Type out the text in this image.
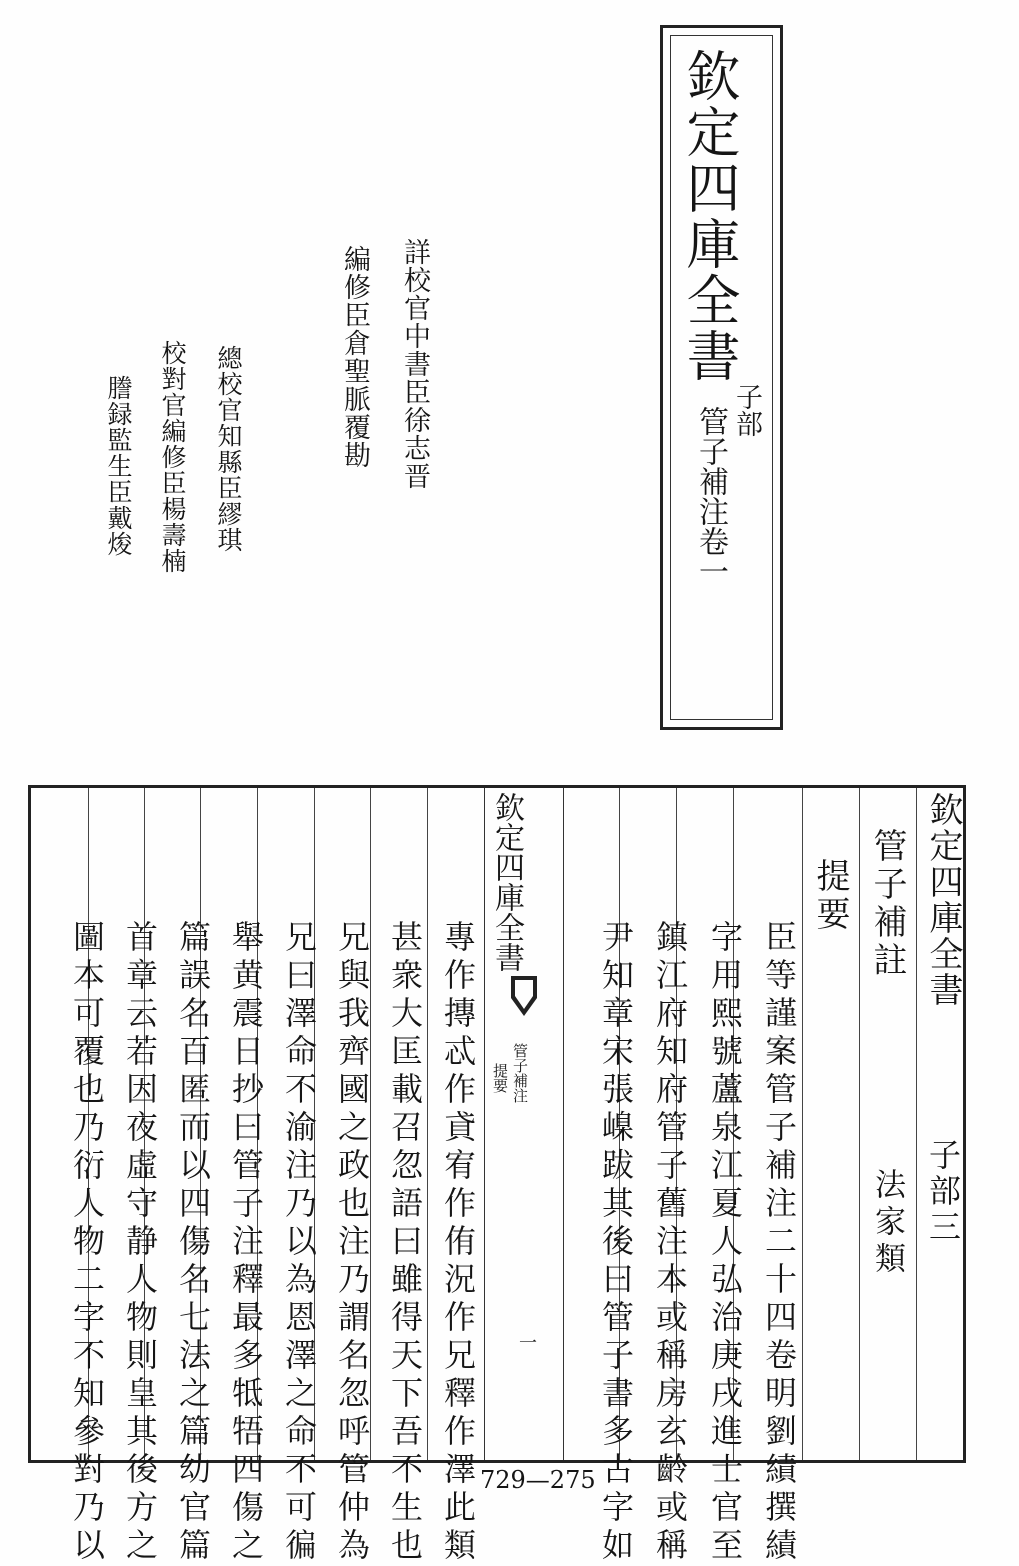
欽定四庫全書
子部
管子補注卷一
詳校官中書臣徐志晋
編修臣倉聖脈覆勘
總校官知縣臣繆琪
校對官編修臣楊壽楠
謄録監生臣戴焌
欽定四庫全書
管子補注
提要
一
欽定四庫全書
子部三
管子補註
法家類
提要
臣等謹案管子補注二十四卷明劉績撰績
字用熙號蘆泉江夏人弘治庚戌進士官至
鎮江府知府管子舊注本或稱房玄齡或稱
尹知章宋張嵲跋其後曰管子書多古字如
專作摶忒作貣宥作侑況作兄釋作澤此類
甚衆大匡載召忽語曰雖得天下吾不生也
兄與我齊國之政也注乃謂名忽呼管仲為
兄曰澤命不渝注乃以為恩澤之命不可徧
舉黄震日抄曰管子注釋最多牴牾四傷之
篇誤名百匿而以四傷名七法之篇幼官篇
首章云若因夜虛守静人物則皇其後方之
圖本可覆也乃衍人物二字不知參對乃以	729—275
